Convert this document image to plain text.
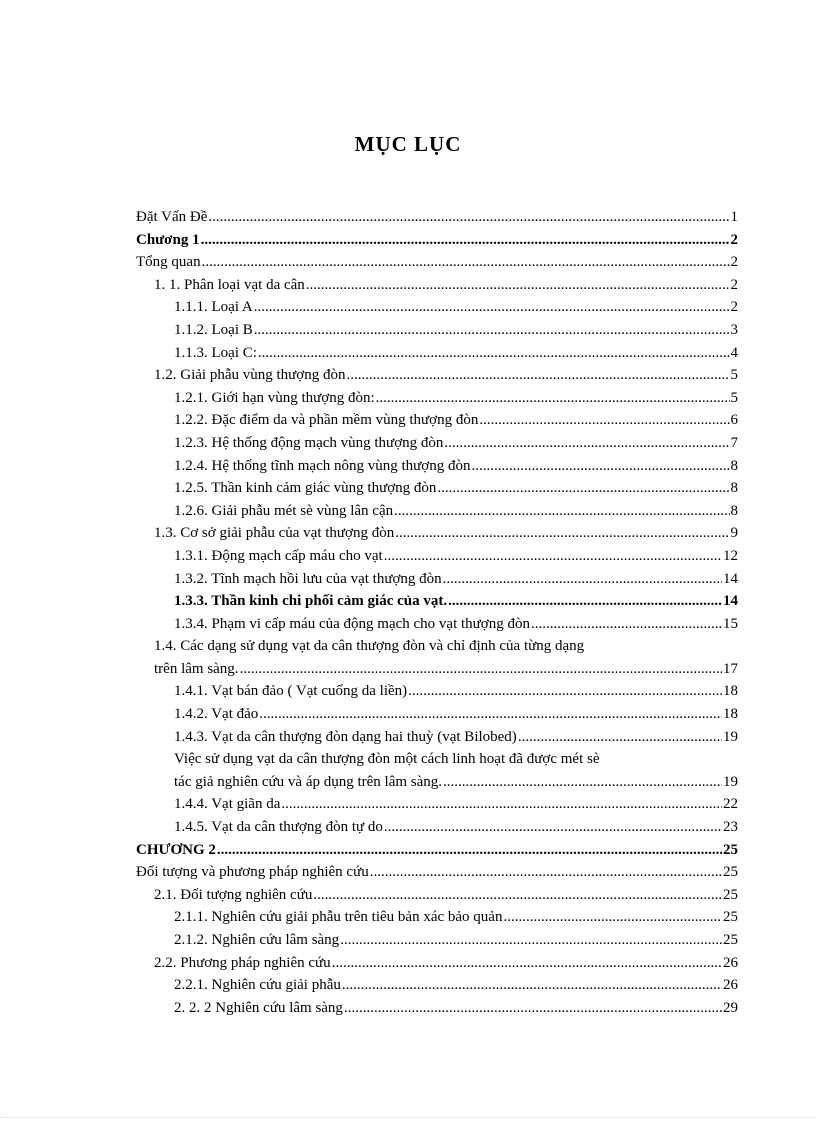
MỤC LỤC
Đặt Vấn Đề .....	1
Chương 1 .....	2
Tổng quan .....	2
1. 1. Phân loại vạt da cân .....	2
1.1.1. Loại A .....	2
1.1.2. Loại B .....	3
1.1.3. Loại C: .....	4
1.2. Giải phẫu vùng thượng đòn .....	5
1.2.1. Giới hạn vùng thượng đòn: .....	5
1.2.2. Đặc điểm da và phần mềm vùng thượng đòn .....	6
1.2.3. Hệ thống động mạch vùng thượng đòn .....	7
1.2.4. Hệ thống tĩnh mạch nông vùng thượng đòn .....	8
1.2.5. Thần kinh cảm giác vùng thượng đòn .....	8
1.2.6. Giải phẫu mét sè vùng lân cận .....	8
1.3. Cơ sở giải phẫu của vạt thượng đòn .....	9
1.3.1. Động mạch cấp máu cho vạt .....	12
1.3.2. Tĩnh mạch hồi lưu của vạt thượng đòn .....	14
1.3.3. Thần kinh chi phối cảm giác của vạt. .....	14
1.3.4. Phạm vi cấp máu của động mạch cho vạt thượng đòn .....	15
1.4. Các dạng sử dụng vạt da cân thượng đòn và chỉ định của từng dạng
trên lâm sàng. .....	17
1.4.1. Vạt bán đảo ( Vạt cuống da liền) .....	18
1.4.2. Vạt đảo .....	18
1.4.3. Vạt da cân thượng đòn dạng hai thuỳ (vạt Bilobed) .....	19
Việc sử dụng vạt da cân thượng đòn một cách linh hoạt đã được mét sè
tác giả nghiên cứu và áp dụng trên lâm sàng. .....	19
1.4.4. Vạt giãn da .....	22
1.4.5. Vạt da cân thượng đòn tự do .....	23
CHƯƠNG 2 .....	25
Đối tượng và phương pháp nghiên cứu .....	25
2.1. Đối tượng nghiên cứu .....	25
2.1.1. Nghiên cứu giải phẫu trên tiêu bản xác bảo quản .....	25
2.1.2. Nghiên cứu lâm sàng .....	25
2.2. Phương pháp nghiên cứu .....	26
2.2.1. Nghiên cứu giải phẫu .....	26
2. 2. 2 Nghiên cứu lâm sàng .....	29
